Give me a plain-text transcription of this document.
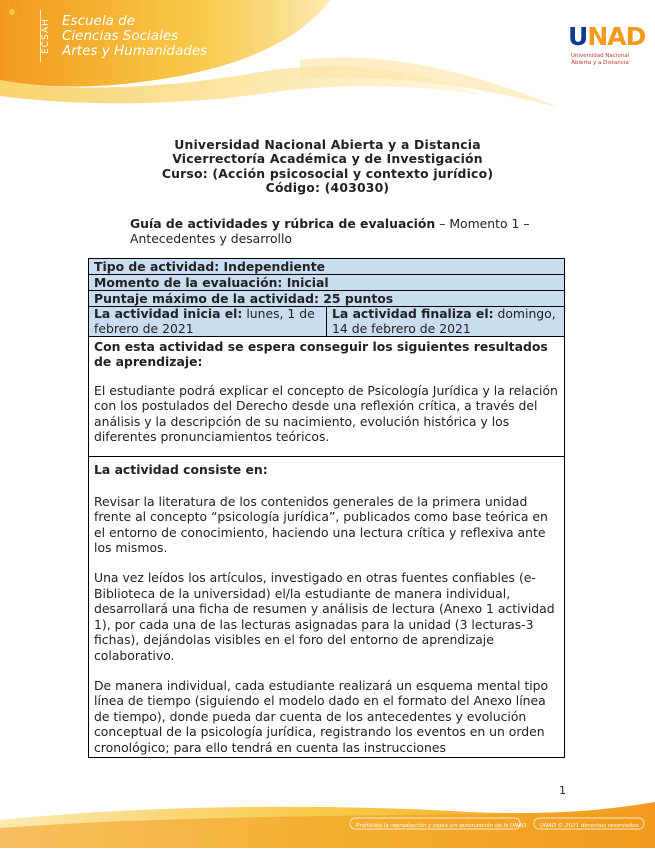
ECSAH Escuela de
Ciencias Sociales
Artes y Humanidades	UNAD
Universidad Nacional
Abierta y a Distancia
Universidad Nacional Abierta y a Distancia
Vicerrectoría Académica y de Investigación
Curso: (Acción psicosocial y contexto jurídico)
Código: (403030)
Guía de actividades y rúbrica de evaluación – Momento 1 – Antecedentes y desarrollo
Tipo de actividad: Independiente
Momento de la evaluación: Inicial
Puntaje máximo de la actividad: 25 puntos
La actividad inicia el: lunes, 1 de febrero de 2021
La actividad finaliza el: domingo, 14 de febrero de 2021

Con esta actividad se espera conseguir los siguientes resultados de aprendizaje:

El estudiante podrá explicar el concepto de Psicología Jurídica y la relación con los postulados del Derecho desde una reflexión crítica, a través del análisis y la descripción de su nacimiento, evolución histórica y los diferentes pronunciamientos teóricos.

La actividad consiste en:

Revisar la literatura de los contenidos generales de la primera unidad frente al concepto “psicología jurídica”, publicados como base teórica en el entorno de conocimiento, haciendo una lectura crítica y reflexiva ante los mismos.

Una vez leídos los artículos, investigado en otras fuentes confiables (e-Biblioteca de la universidad) el/la estudiante de manera individual, desarrollará una ficha de resumen y análisis de lectura (Anexo 1 actividad 1), por cada una de las lecturas asignadas para la unidad (3 lecturas-3 fichas), dejándolas visibles en el foro del entorno de aprendizaje colaborativo.

De manera individual, cada estudiante realizará un esquema mental tipo línea de tiempo (siguiendo el modelo dado en el formato del Anexo línea de tiempo), donde pueda dar cuenta de los antecedentes y evolución conceptual de la psicología jurídica, registrando los eventos en un orden cronológico; para ello tendrá en cuenta las instrucciones

1
Prohibida la reproducción y copia sin autorización de la UNAD. UNAD © 2021 derechos reservados.
